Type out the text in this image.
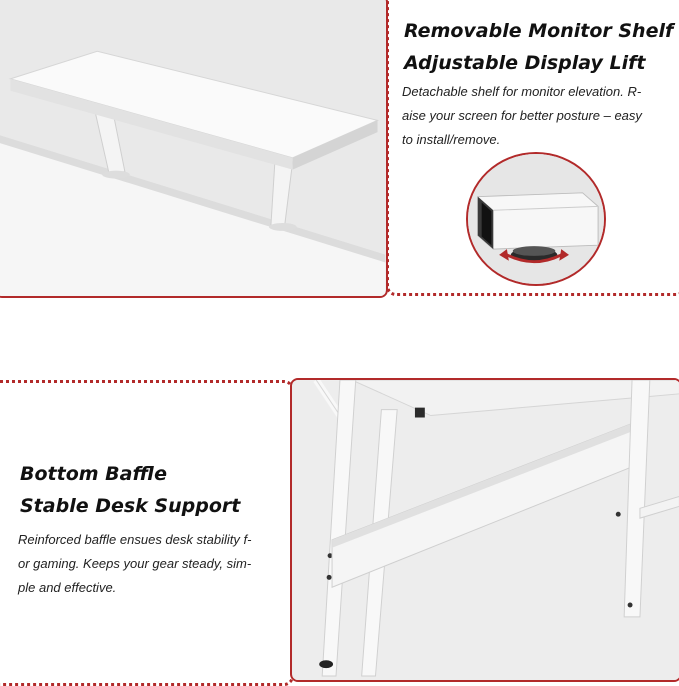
Removable Monitor Shelf
Adjustable Display Lift
Detachable shelf for monitor elevation. R-
aise your screen for better posture – easy
to install/remove.
Bottom Baffle
Stable Desk Support
Reinforced baffle ensues desk stability f-
or gaming. Keeps your gear steady, sim-
ple and effective.
